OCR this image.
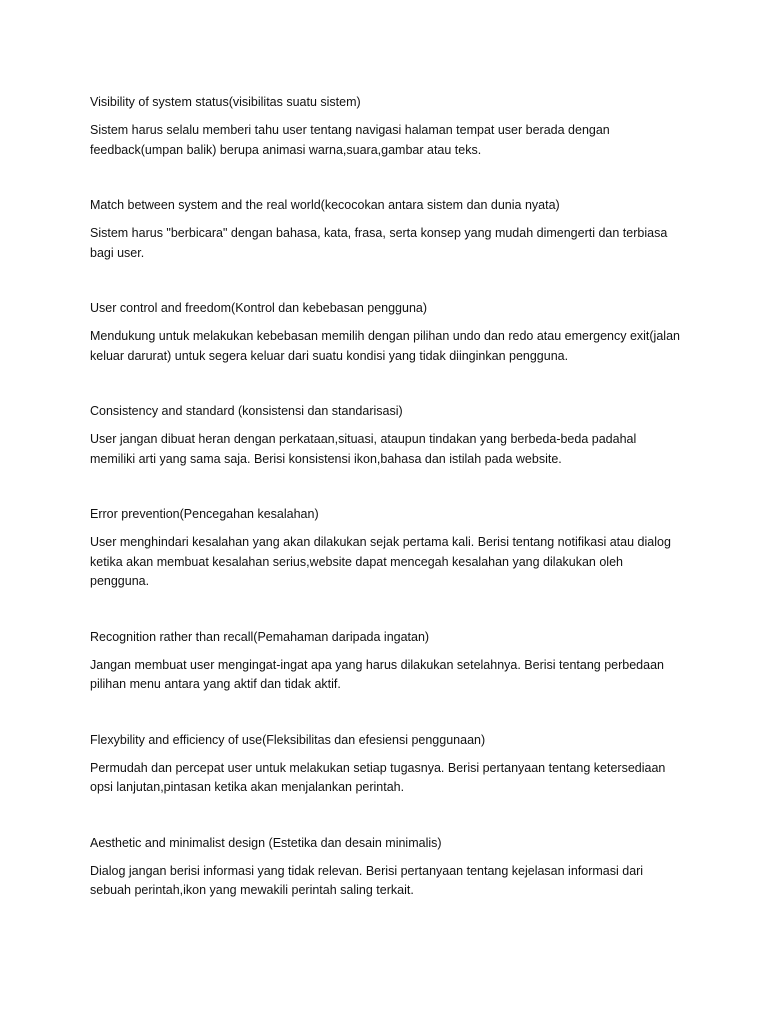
Visibility of system status(visibilitas suatu sistem)

Sistem harus selalu memberi tahu user tentang navigasi halaman tempat user berada dengan feedback(umpan balik) berupa animasi warna,suara,gambar atau teks.

Match between system and the real world(kecocokan antara sistem dan dunia nyata)

Sistem harus "berbicara" dengan bahasa, kata, frasa, serta konsep yang mudah dimengerti dan terbiasa bagi user.

User control and freedom(Kontrol dan kebebasan pengguna)

Mendukung untuk melakukan kebebasan memilih dengan pilihan undo dan redo atau emergency exit(jalan keluar darurat) untuk segera keluar dari suatu kondisi yang tidak diinginkan pengguna.

Consistency and standard (konsistensi dan standarisasi)

User jangan dibuat heran dengan perkataan,situasi, ataupun tindakan yang berbeda-beda padahal memiliki arti yang sama saja. Berisi konsistensi ikon,bahasa dan istilah pada website.

Error prevention(Pencegahan kesalahan)

User menghindari kesalahan yang akan dilakukan sejak pertama kali. Berisi tentang notifikasi atau dialog ketika akan membuat kesalahan serius,website dapat mencegah kesalahan yang dilakukan oleh pengguna.

Recognition rather than recall(Pemahaman daripada ingatan)

Jangan membuat user mengingat-ingat apa yang harus dilakukan setelahnya. Berisi tentang perbedaan pilihan menu antara yang aktif dan tidak aktif.

Flexybility and efficiency of use(Fleksibilitas dan efesiensi penggunaan)

Permudah dan percepat user untuk melakukan setiap tugasnya. Berisi pertanyaan tentang ketersediaan opsi lanjutan,pintasan ketika akan menjalankan perintah.

Aesthetic and minimalist design (Estetika dan desain minimalis)

Dialog jangan berisi informasi yang tidak relevan. Berisi pertanyaan tentang kejelasan informasi dari sebuah perintah,ikon yang mewakili perintah saling terkait.
